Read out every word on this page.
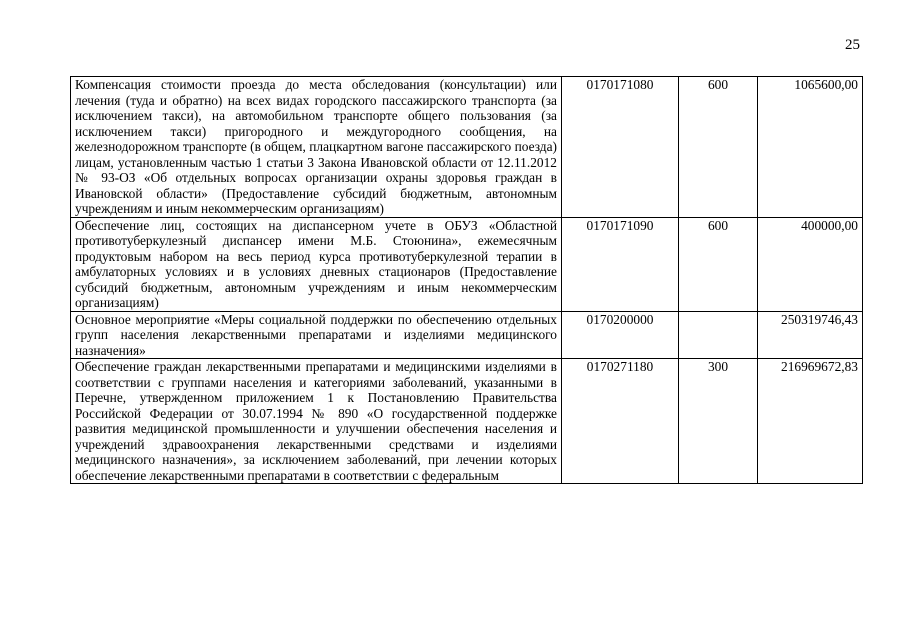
25
Компенсация стоимости проезда до места обследования (консультации) или лечения (туда и обратно) на всех видах городского пассажирского транспорта (за исключением такси), на автомобильном транспорте общего пользования (за исключением такси) пригородного и междугородного сообщения, на железнодорожном транспорте (в общем, плацкартном вагоне пассажирского поезда) лицам, установленным частью 1 статьи 3 Закона Ивановской области от 12.11.2012 № 93-ОЗ «Об отдельных вопросах организации охраны здоровья граждан в Ивановской области» (Предоставление субсидий бюджетным, автономным учреждениям и иным некоммерческим организациям)	0170171080	600	1065600,00
Обеспечение лиц, состоящих на диспансерном учете в ОБУЗ «Областной противотуберкулезный диспансер имени М.Б. Стоюнина», ежемесячным продуктовым набором на весь период курса противотуберкулезной терапии в амбулаторных условиях и в условиях дневных стационаров (Предоставление субсидий бюджетным, автономным учреждениям и иным некоммерческим организациям)	0170171090	600	400000,00
Основное мероприятие «Меры социальной поддержки по обеспечению отдельных групп населения лекарственными препаратами и изделиями медицинского назначения»	0170200000		250319746,43
Обеспечение граждан лекарственными препаратами и медицинскими изделиями в соответствии с группами населения и категориями заболеваний, указанными в Перечне, утвержденном приложением 1 к Постановлению Правительства Российской Федерации от 30.07.1994 № 890 «О государственной поддержке развития медицинской промышленности и улучшении обеспечения населения и учреждений здравоохранения лекарственными средствами и изделиями медицинского назначения», за исключением заболеваний, при лечении которых обеспечение лекарственными препаратами в соответствии с федеральным	0170271180	300	216969672,83
